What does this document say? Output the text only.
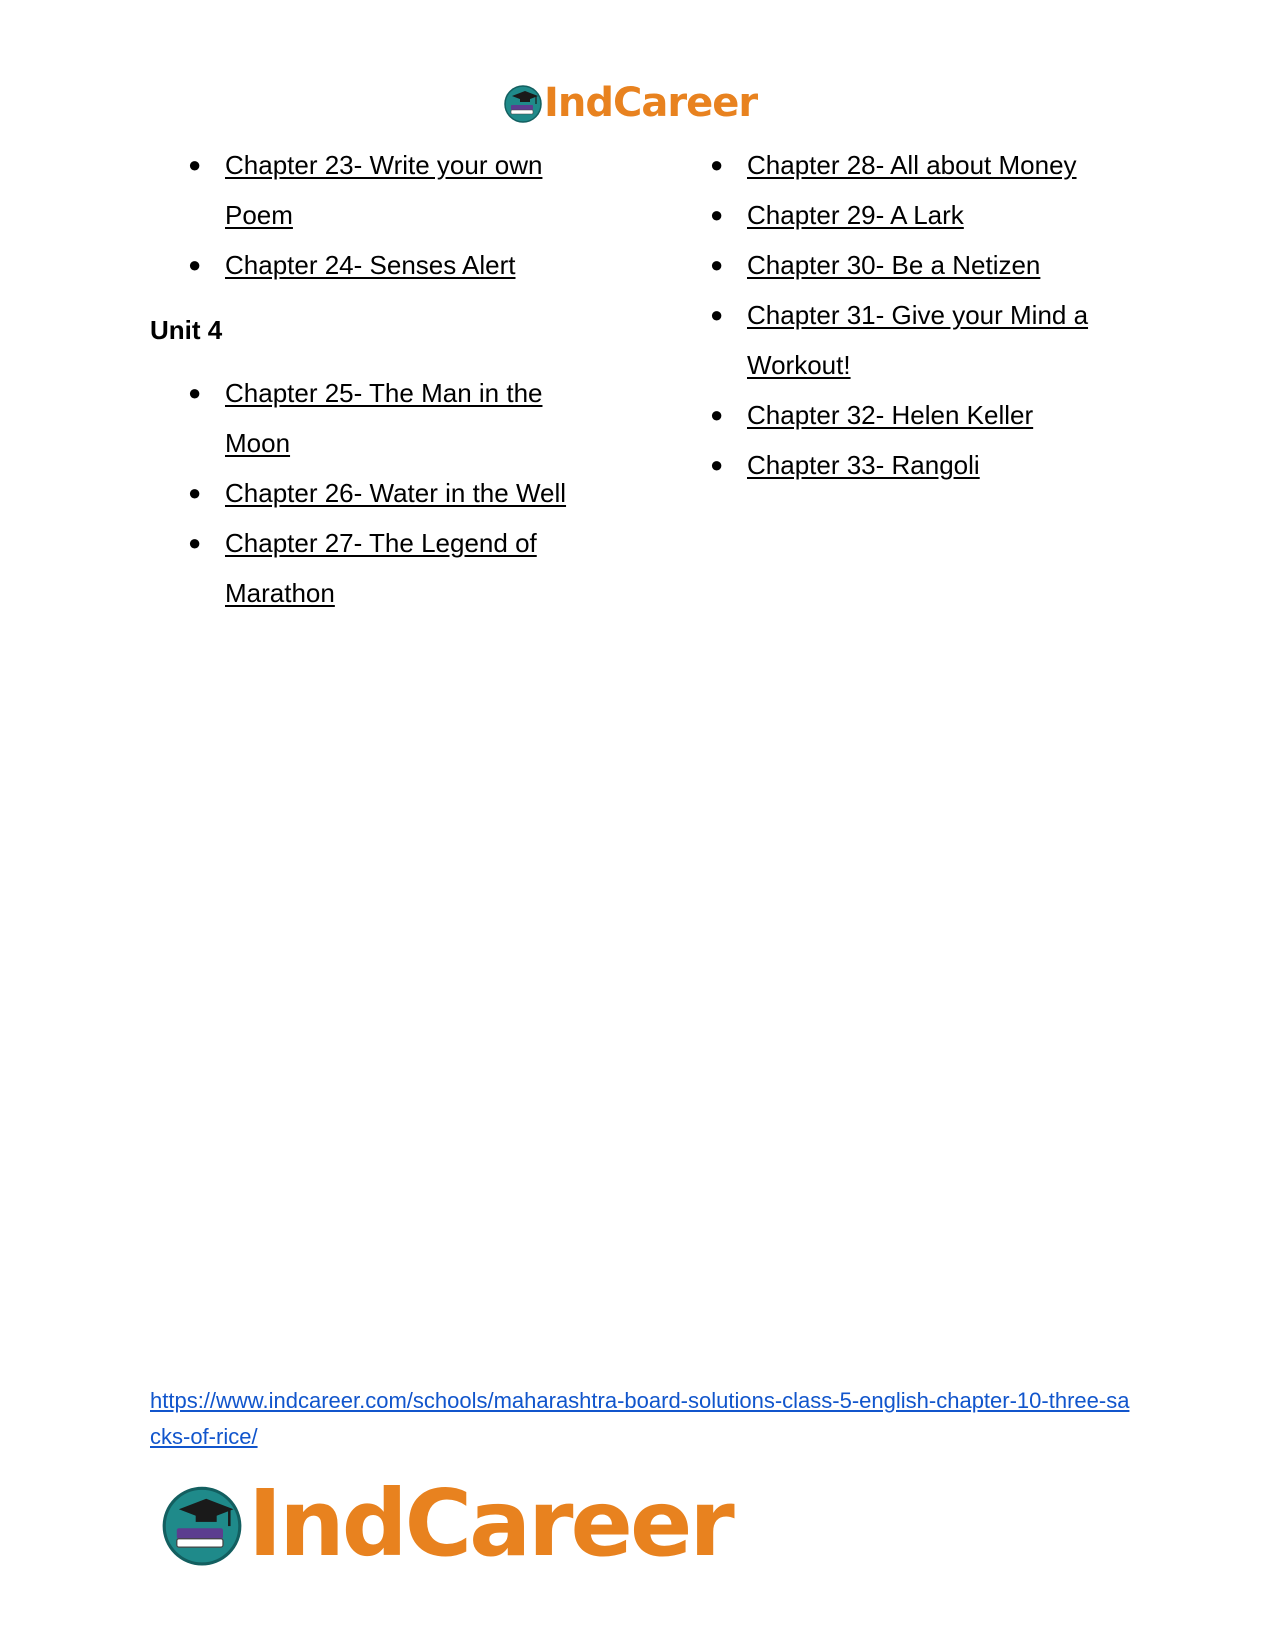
IndCareer
● Chapter 23- Write your own Poem
● Chapter 24- Senses Alert
Unit 4
● Chapter 25- The Man in the Moon
● Chapter 26- Water in the Well
● Chapter 27- The Legend of Marathon
● Chapter 28- All about Money
● Chapter 29- A Lark
● Chapter 30- Be a Netizen
● Chapter 31- Give your Mind a Workout!
● Chapter 32- Helen Keller
● Chapter 33- Rangoli
https://www.indcareer.com/schools/maharashtra-board-solutions-class-5-english-chapter-10-three-sacks-of-rice/
IndCareer
